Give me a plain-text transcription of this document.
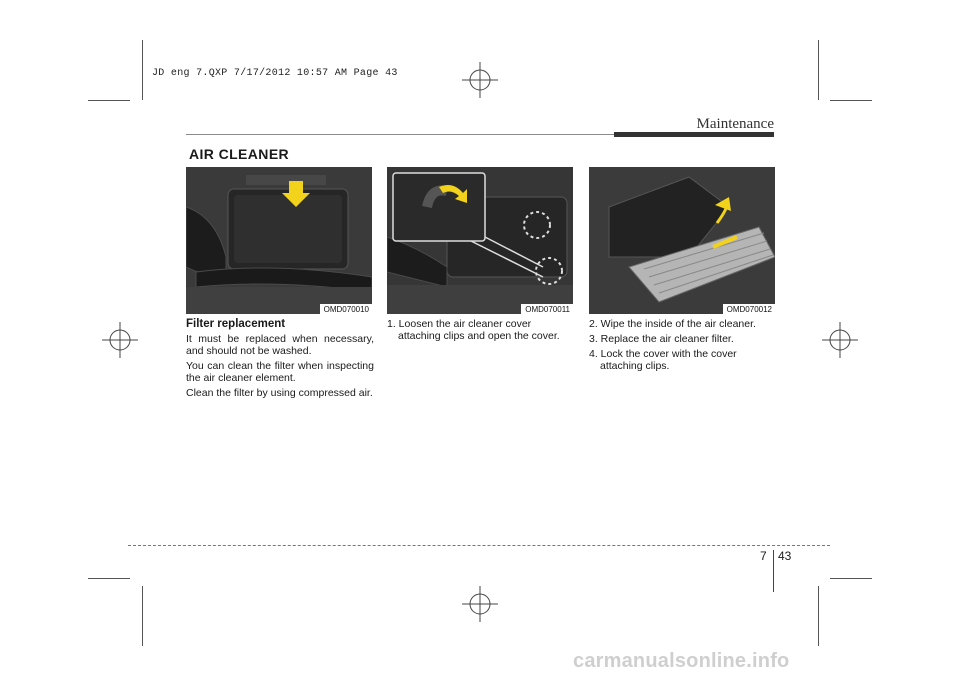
JD eng 7.QXP 7/17/2012 10:57 AM Page 43
Maintenance
AIR CLEANER
OMD070010	OMD070011	OMD070012
Filter replacement

It must be replaced when necessary, and should not be washed.

You can clean the filter when inspecting the air cleaner element.

Clean the filter by using compressed air.

1. Loosen the air cleaner cover attaching clips and open the cover.

2. Wipe the inside of the air cleaner.

3. Replace the air cleaner filter.

4. Lock the cover with the cover attaching clips.

7 43
carmanualsonline.info
